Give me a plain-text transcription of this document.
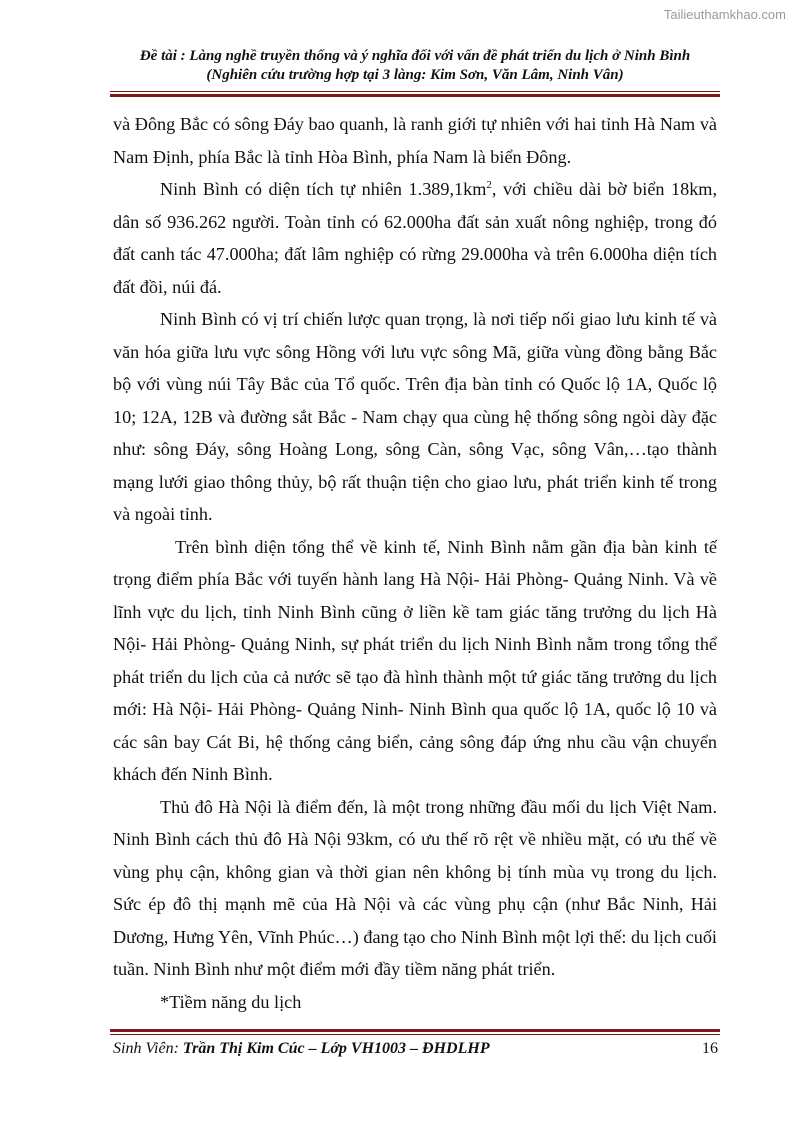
Tailieuthamkhao.com
Đề tài : Làng nghề truyền thống và ý nghĩa đối với vấn đề phát triển du lịch ở Ninh Bình
(Nghiên cứu trường hợp tại 3 làng: Kim Sơn, Văn Lâm, Ninh Vân)

và Đông Bắc có sông Đáy bao quanh, là ranh giới tự nhiên với hai tỉnh Hà Nam và Nam Định, phía Bắc là tỉnh Hòa Bình, phía Nam là biển Đông.

Ninh Bình có diện tích tự nhiên $1.389,1km^2$, với chiều dài bờ biển 18km, dân số 936.262 người. Toàn tỉnh có 62.000ha đất sản xuất nông nghiệp, trong đó đất canh tác 47.000ha; đất lâm nghiệp có rừng 29.000ha và trên 6.000ha diện tích đất đồi, núi đá.

Ninh Bình có vị trí chiến lược quan trọng, là nơi tiếp nối giao lưu kinh tế và văn hóa giữa lưu vực sông Hồng với lưu vực sông Mã, giữa vùng đồng bằng Bắc bộ với vùng núi Tây Bắc của Tổ quốc. Trên địa bàn tỉnh có Quốc lộ 1A, Quốc lộ 10; 12A, 12B và đường sắt Bắc - Nam chạy qua cùng hệ thống sông ngòi dày đặc như: sông Đáy, sông Hoàng Long, sông Càn, sông Vạc, sông Vân,…tạo thành mạng lưới giao thông thủy, bộ rất thuận tiện cho giao lưu, phát triển kinh tế trong và ngoài tỉnh.

Trên bình diện tổng thể về kinh tế, Ninh Bình nằm gần địa bàn kinh tế trọng điểm phía Bắc với tuyến hành lang Hà Nội- Hải Phòng- Quảng Ninh. Và về lĩnh vực du lịch, tỉnh Ninh Bình cũng ở liền kề tam giác tăng trưởng du lịch Hà Nội- Hải Phòng- Quảng Ninh, sự phát triển du lịch Ninh Bình nằm trong tổng thể phát triển du lịch của cả nước sẽ tạo đà hình thành một tứ giác tăng trưởng du lịch mới: Hà Nội- Hải Phòng- Quảng Ninh- Ninh Bình qua quốc lộ 1A, quốc lộ 10 và các sân bay Cát Bi, hệ thống cảng biển, cảng sông đáp ứng nhu cầu vận chuyển khách đến Ninh Bình.

Thủ đô Hà Nội là điểm đến, là một trong những đầu mối du lịch Việt Nam. Ninh Bình cách thủ đô Hà Nội 93km, có ưu thế rõ rệt về nhiều mặt, có ưu thế về vùng phụ cận, không gian và thời gian nên không bị tính mùa vụ trong du lịch. Sức ép đô thị mạnh mẽ của Hà Nội và các vùng phụ cận (như Bắc Ninh, Hải Dương, Hưng Yên, Vĩnh Phúc…) đang tạo cho Ninh Bình một lợi thế: du lịch cuối tuần. Ninh Bình như một điểm mới đầy tiềm năng phát triển.

*Tiềm năng du lịch

Sinh Viên: Trần Thị Kim Cúc – Lớp VH1003 – ĐHDLHP	16
